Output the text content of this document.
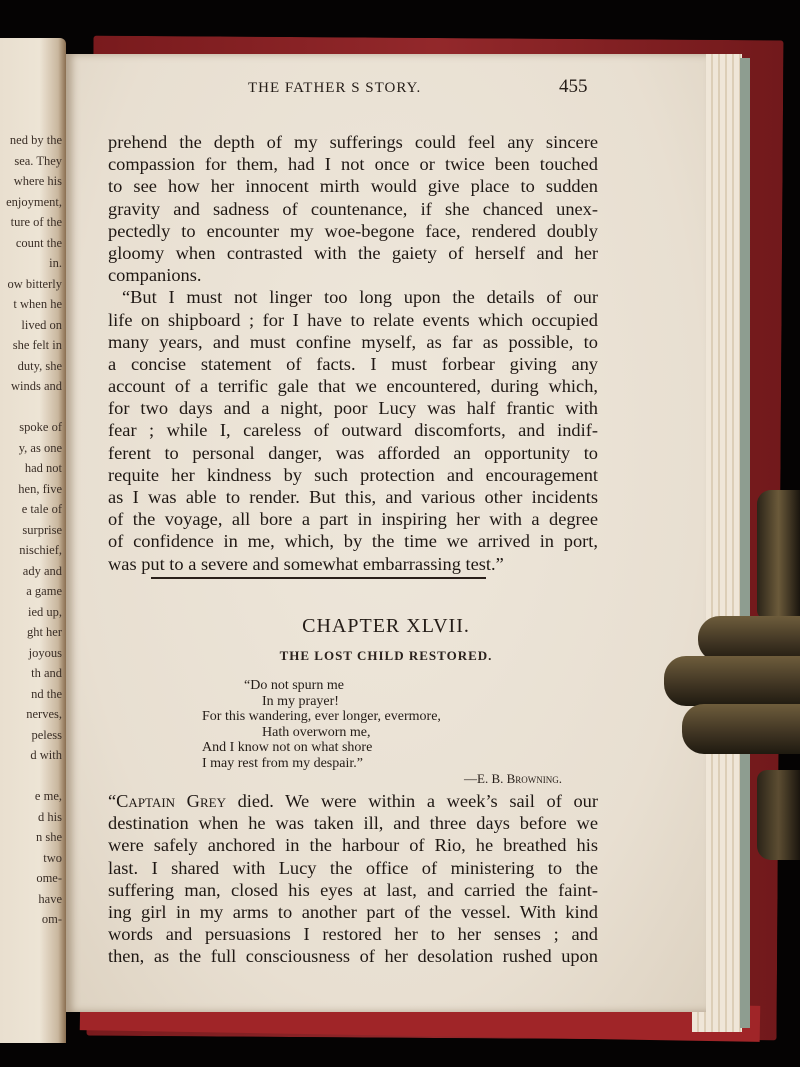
ned by the
sea. They
where his
enjoyment,
ture of the
count the
in.
ow bitterly
t when he
lived on
she felt in
duty, she
winds and
spoke of
y, as one
had not
hen, five
e tale of
surprise
nischief,
ady and
a game
ied up,
ght her
joyous
th and
nd the
nerves,
peless
d with
e me,
d his
n she
two
ome-
have
om-
THE FATHER S STORY.	455
prehend the depth of my sufferings could feel any sincere
compassion for them, had I not once or twice been touched
to see how her innocent mirth would give place to sudden
gravity and sadness of countenance, if she chanced unex-
pectedly to encounter my woe-begone face, rendered doubly
gloomy when contrasted with the gaiety of herself and her
companions.
“But I must not linger too long upon the details of our
life on shipboard ; for I have to relate events which occupied
many years, and must confine myself, as far as possible, to
a concise statement of facts. I must forbear giving any
account of a terrific gale that we encountered, during which,
for two days and a night, poor Lucy was half frantic with
fear ; while I, careless of outward discomforts, and indif-
ferent to personal danger, was afforded an opportunity to
requite her kindness by such protection and encouragement
as I was able to render. But this, and various other incidents
of the voyage, all bore a part in inspiring her with a degree
of confidence in me, which, by the time we arrived in port,
was put to a severe and somewhat embarrassing test.”
CHAPTER XLVII.
THE LOST CHILD RESTORED.
“Do not spurn me
In my prayer!
For this wandering, ever longer, evermore,
Hath overworn me,
And I know not on what shore
I may rest from my despair.”
—E. B. Browning.
“Captain Grey died. We were within a week’s sail of our
destination when he was taken ill, and three days before we
were safely anchored in the harbour of Rio, he breathed his
last. I shared with Lucy the office of ministering to the
suffering man, closed his eyes at last, and carried the faint-
ing girl in my arms to another part of the vessel. With kind
words and persuasions I restored her to her senses ; and
then, as the full consciousness of her desolation rushed upon
